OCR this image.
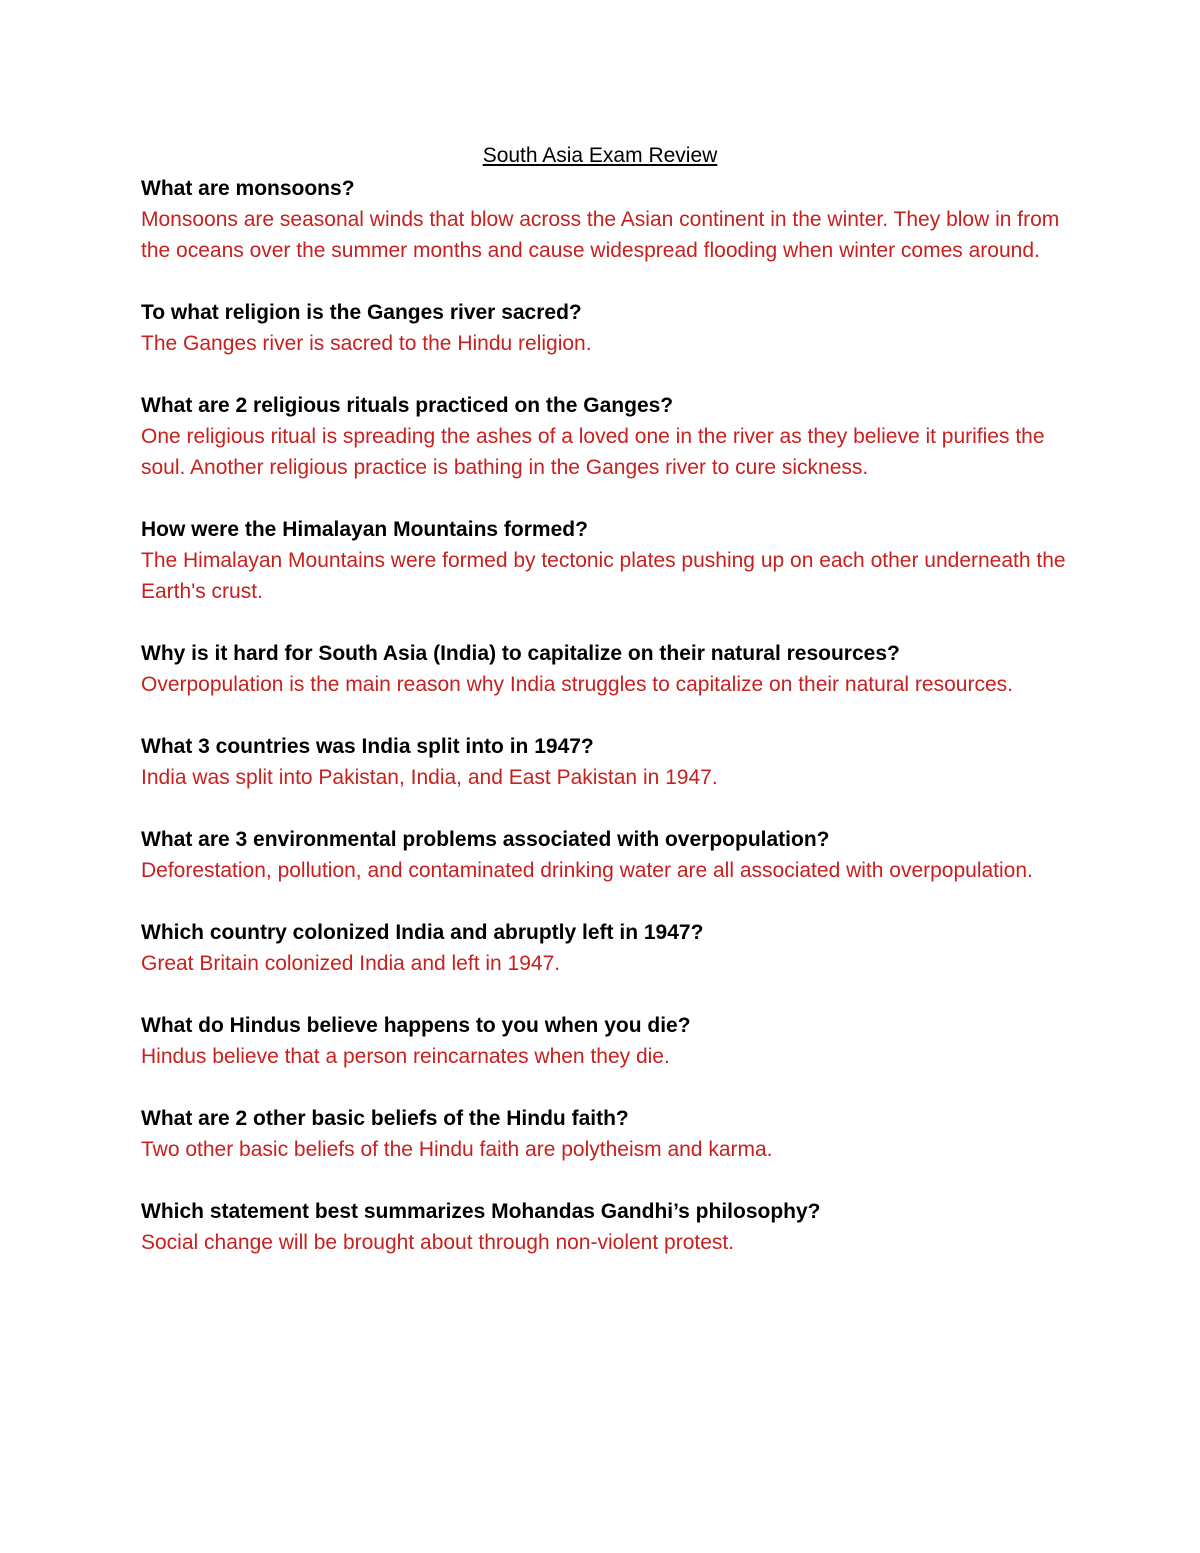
South Asia Exam Review
What are monsoons?
Monsoons are seasonal winds that blow across the Asian continent in the winter. They blow in from the oceans over the summer months and cause widespread flooding when winter comes around.
To what religion is the Ganges river sacred?
The Ganges river is sacred to the Hindu religion.
What are 2 religious rituals practiced on the Ganges?
One religious ritual is spreading the ashes of a loved one in the river as they believe it purifies the soul. Another religious practice is bathing in the Ganges river to cure sickness.
How were the Himalayan Mountains formed?
The Himalayan Mountains were formed by tectonic plates pushing up on each other underneath the Earth's crust.
Why is it hard for South Asia (India) to capitalize on their natural resources?
Overpopulation is the main reason why India struggles to capitalize on their natural resources.
What 3 countries was India split into in 1947?
India was split into Pakistan, India, and East Pakistan in 1947.
What are 3 environmental problems associated with overpopulation?
Deforestation, pollution, and contaminated drinking water are all associated with overpopulation.
Which country colonized India and abruptly left in 1947?
Great Britain colonized India and left in 1947.
What do Hindus believe happens to you when you die?
Hindus believe that a person reincarnates when they die.
What are 2 other basic beliefs of the Hindu faith?
Two other basic beliefs of the Hindu faith are polytheism and karma.
Which statement best summarizes Mohandas Gandhi’s philosophy?
Social change will be brought about through non-violent protest.
